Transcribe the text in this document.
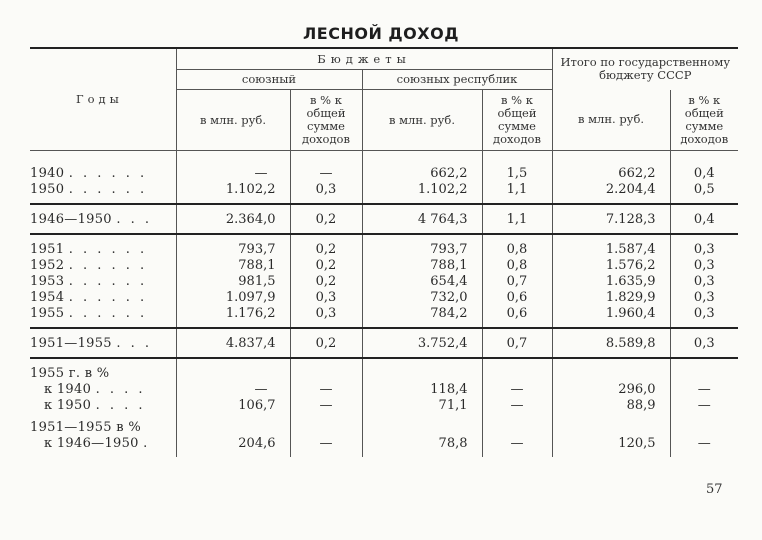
ЛЕСНОЙ ДОХОД
Годы	Бюджеты				Итого по государственному бюджету СССР	
	союзный		союзных республик			
	в млн. руб.	в % к общей сумме доходов	в млн. руб.	в % к общей сумме доходов	в млн. руб.	в % к общей сумме доходов

1940 . . . . . .	—	—	662,2	1,5	662,2	0,4
1950 . . . . . .	1.102,2	0,3	1.102,2	1,1	2.204,4	0,5

1946—1950 . . .	2.364,0	0,2	4 764,3	1,1	7.128,3	0,4

1951 . . . . . .	793,7	0,2	793,7	0,8	1.587,4	0,3
1952 . . . . . .	788,1	0,2	788,1	0,8	1.576,2	0,3
1953 . . . . . .	981,5	0,2	654,4	0,7	1.635,9	0,3
1954 . . . . . .	1.097,9	0,3	732,0	0,6	1.829,9	0,3
1955 . . . . . .	1.176,2	0,3	784,2	0,6	1.960,4	0,3

1951—1955 . . .	4.837,4	0,2	3.752,4	0,7	8.589,8	0,3

1955 г. в %						
к 1940 . . . .	—	—	118,4	—	296,0	—
к 1950 . . . .	106,7	—	71,1	—	88,9	—

1951—1955 в %						
к 1946—1950 .	204,6	—	78,8	—	120,5	—

57
